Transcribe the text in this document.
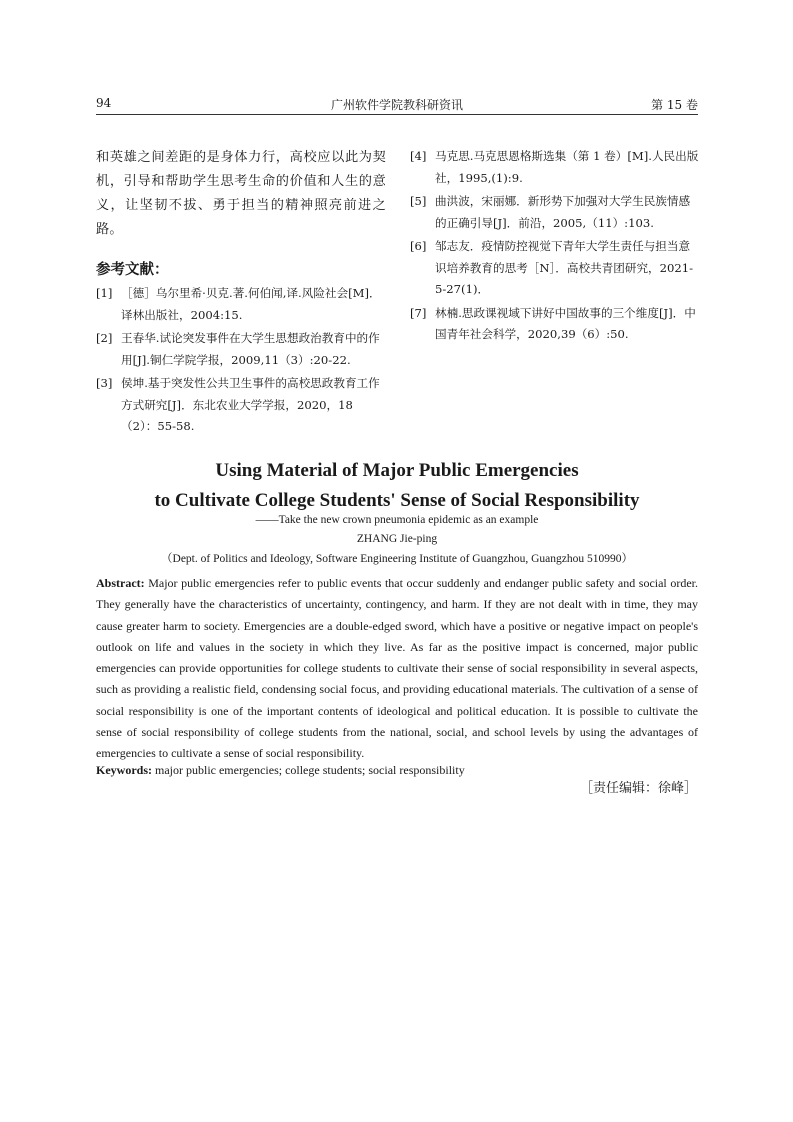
94	广州软件学院教科研资讯	第 15 卷

和英雄之间差距的是身体力行，高校应以此为契机，引导和帮助学生思考生命的价值和人生的意义，让坚韧不拔、勇于担当的精神照亮前进之路。

参考文献：
[1] ［德］乌尔里希·贝克.著.何伯闻,译.风险社会[M]．译林出版社，2004:15.
[2] 王春华.试论突发事件在大学生思想政治教育中的作用[J].铜仁学院学报，2009,11（3）:20-22.
[3] 侯坤.基于突发性公共卫生事件的高校思政教育工作方式研究[J]．东北农业大学学报，2020，18（2）：55-58.
[4] 马克思.马克思恩格斯选集（第 1 卷）[M].人民出版社，1995,(1):9.
[5] 曲洪波，宋丽娜．新形势下加强对大学生民族情感的正确引导[J]．前沿，2005,（11）:103.
[6] 邹志友．疫情防控视觉下青年大学生责任与担当意识培养教育的思考［N］．高校共青团研究，2021-5-27(1)．
[7] 林楠.思政课视域下讲好中国故事的三个维度[J]．中国青年社会科学，2020,39（6）:50.
Using Material of Major Public Emergencies
to Cultivate College Students' Sense of Social Responsibility
——Take the new crown pneumonia epidemic as an example
ZHANG Jie-ping
（Dept. of Politics and Ideology, Software Engineering Institute of Guangzhou, Guangzhou 510990）
Abstract: Major public emergencies refer to public events that occur suddenly and endanger public safety and social order. They generally have the characteristics of uncertainty, contingency, and harm. If they are not dealt with in time, they may cause greater harm to society. Emergencies are a double-edged sword, which have a positive or negative impact on people's outlook on life and values in the society in which they live. As far as the positive impact is concerned, major public emergencies can provide opportunities for college students to cultivate their sense of social responsibility in several aspects, such as providing a realistic field, condensing social focus, and providing educational materials. The cultivation of a sense of social responsibility is one of the important contents of ideological and political education. It is possible to cultivate the sense of social responsibility of college students from the national, social, and school levels by using the advantages of emergencies to cultivate a sense of social responsibility.
Keywords: major public emergencies; college students; social responsibility
［责任编辑：徐峰］
